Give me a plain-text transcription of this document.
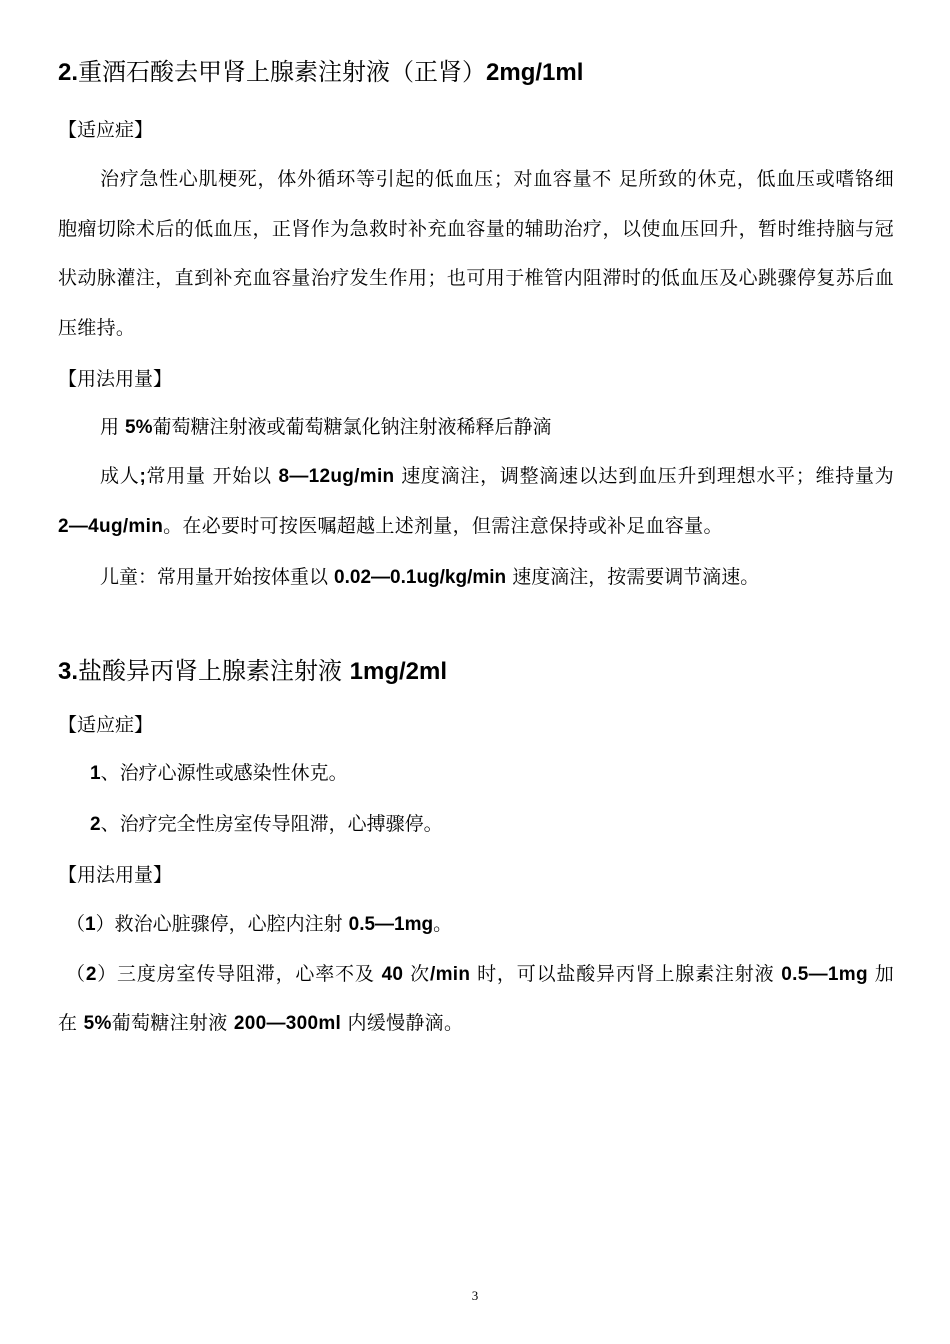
2.重酒石酸去甲肾上腺素注射液（正肾）2mg/1ml
【适应症】
治疗急性心肌梗死，体外循环等引起的低血压；对血容量不 足所致的休克，低血压或嗜铬细胞瘤切除术后的低血压，正肾作为急救时补充血容量的辅助治疗，以使血压回升，暂时维持脑与冠状动脉灌注，直到补充血容量治疗发生作用；也可用于椎管内阻滞时的低血压及心跳骤停复苏后血压维持。
【用法用量】
用 5%葡萄糖注射液或葡萄糖氯化钠注射液稀释后静滴
成人;常用量 开始以 8—12ug/min 速度滴注，调整滴速以达到血压升到理想水平；维持量为 2—4ug/min。在必要时可按医嘱超越上述剂量，但需注意保持或补足血容量。
儿童：常用量开始按体重以 0.02—0.1ug/kg/min 速度滴注，按需要调节滴速。
3.盐酸异丙肾上腺素注射液 1mg/2ml
【适应症】
1、治疗心源性或感染性休克。
2、治疗完全性房室传导阻滞，心搏骤停。
【用法用量】
（1）救治心脏骤停，心腔内注射 0.5—1mg。
（2）三度房室传导阻滞，心率不及 40 次/min 时，可以盐酸异丙肾上腺素注射液 0.5—1mg 加在 5%葡萄糖注射液 200—300ml 内缓慢静滴。
3
